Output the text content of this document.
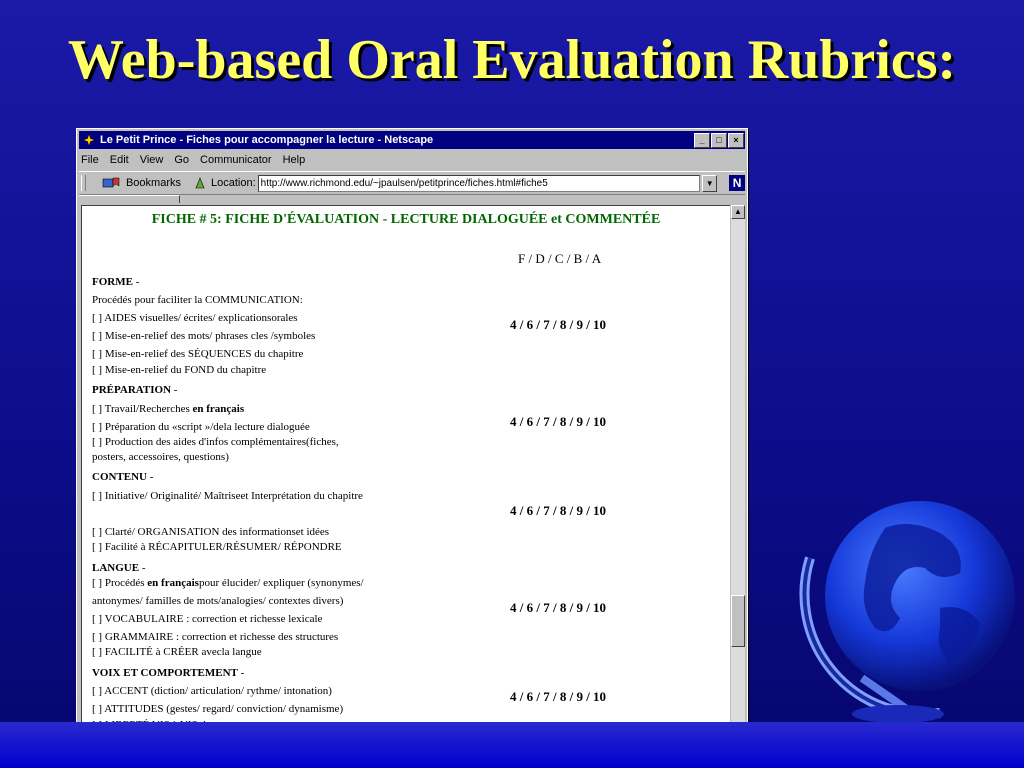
Web-based Oral Evaluation Rubrics:
Le Petit Prince - Fiches pour accompagner la lecture - Netscape	_	□	×
File Edit View Go Communicator Help
Bookmarks	Location: http://www.richmond.edu/~jpaulsen/petitprince/fiches.html#fiche5	▼ N
FICHE # 5: FICHE D'ÉVALUATION - LECTURE DIALOGUÉE et COMMENTÉE
F / D / C / B / A
FORME -
Procédés pour faciliter la COMMUNICATION:
[ ] AIDES visuelles/ écrites/ explicationsorales
[ ] Mise-en-relief des mots/ phrases cles /symboles
[ ] Mise-en-relief des SÉQUENCES du chapitre
[ ] Mise-en-relief du FOND du chapitre
4 / 6 / 7 / 8 / 9 / 10
PRÉPARATION -
[ ] Travail/Recherches en français
[ ] Préparation du «script »/dela lecture dialoguée
[ ] Production des aides d'infos complémentaires(fiches,
posters, accessoires, questions)
4 / 6 / 7 / 8 / 9 / 10
CONTENU -
[ ] Initiative/ Originalité/ Maîtriseet Interprétation du chapitre
[ ] Clarté/ ORGANISATION des informationset idées
[ ] Facilité à RÉCAPITULER/RÉSUMER/ RÉPONDRE
4 / 6 / 7 / 8 / 9 / 10
LANGUE -
[ ] Procédés en françaispour élucider/ expliquer (synonymes/
antonymes/ familles de mots/analogies/ contextes divers)
[ ] VOCABULAIRE : correction et richesse lexicale
[ ] GRAMMAIRE : correction et richesse des structures
[ ] FACILITÉ à CRÉER avecla langue
4 / 6 / 7 / 8 / 9 / 10
VOIX ET COMPORTEMENT -
[ ] ACCENT (diction/ articulation/ rythme/ intonation)
[ ] ATTITUDES (gestes/ regard/ conviction/ dynamisme)
4 / 6 / 7 / 8 / 9 / 10
▲
